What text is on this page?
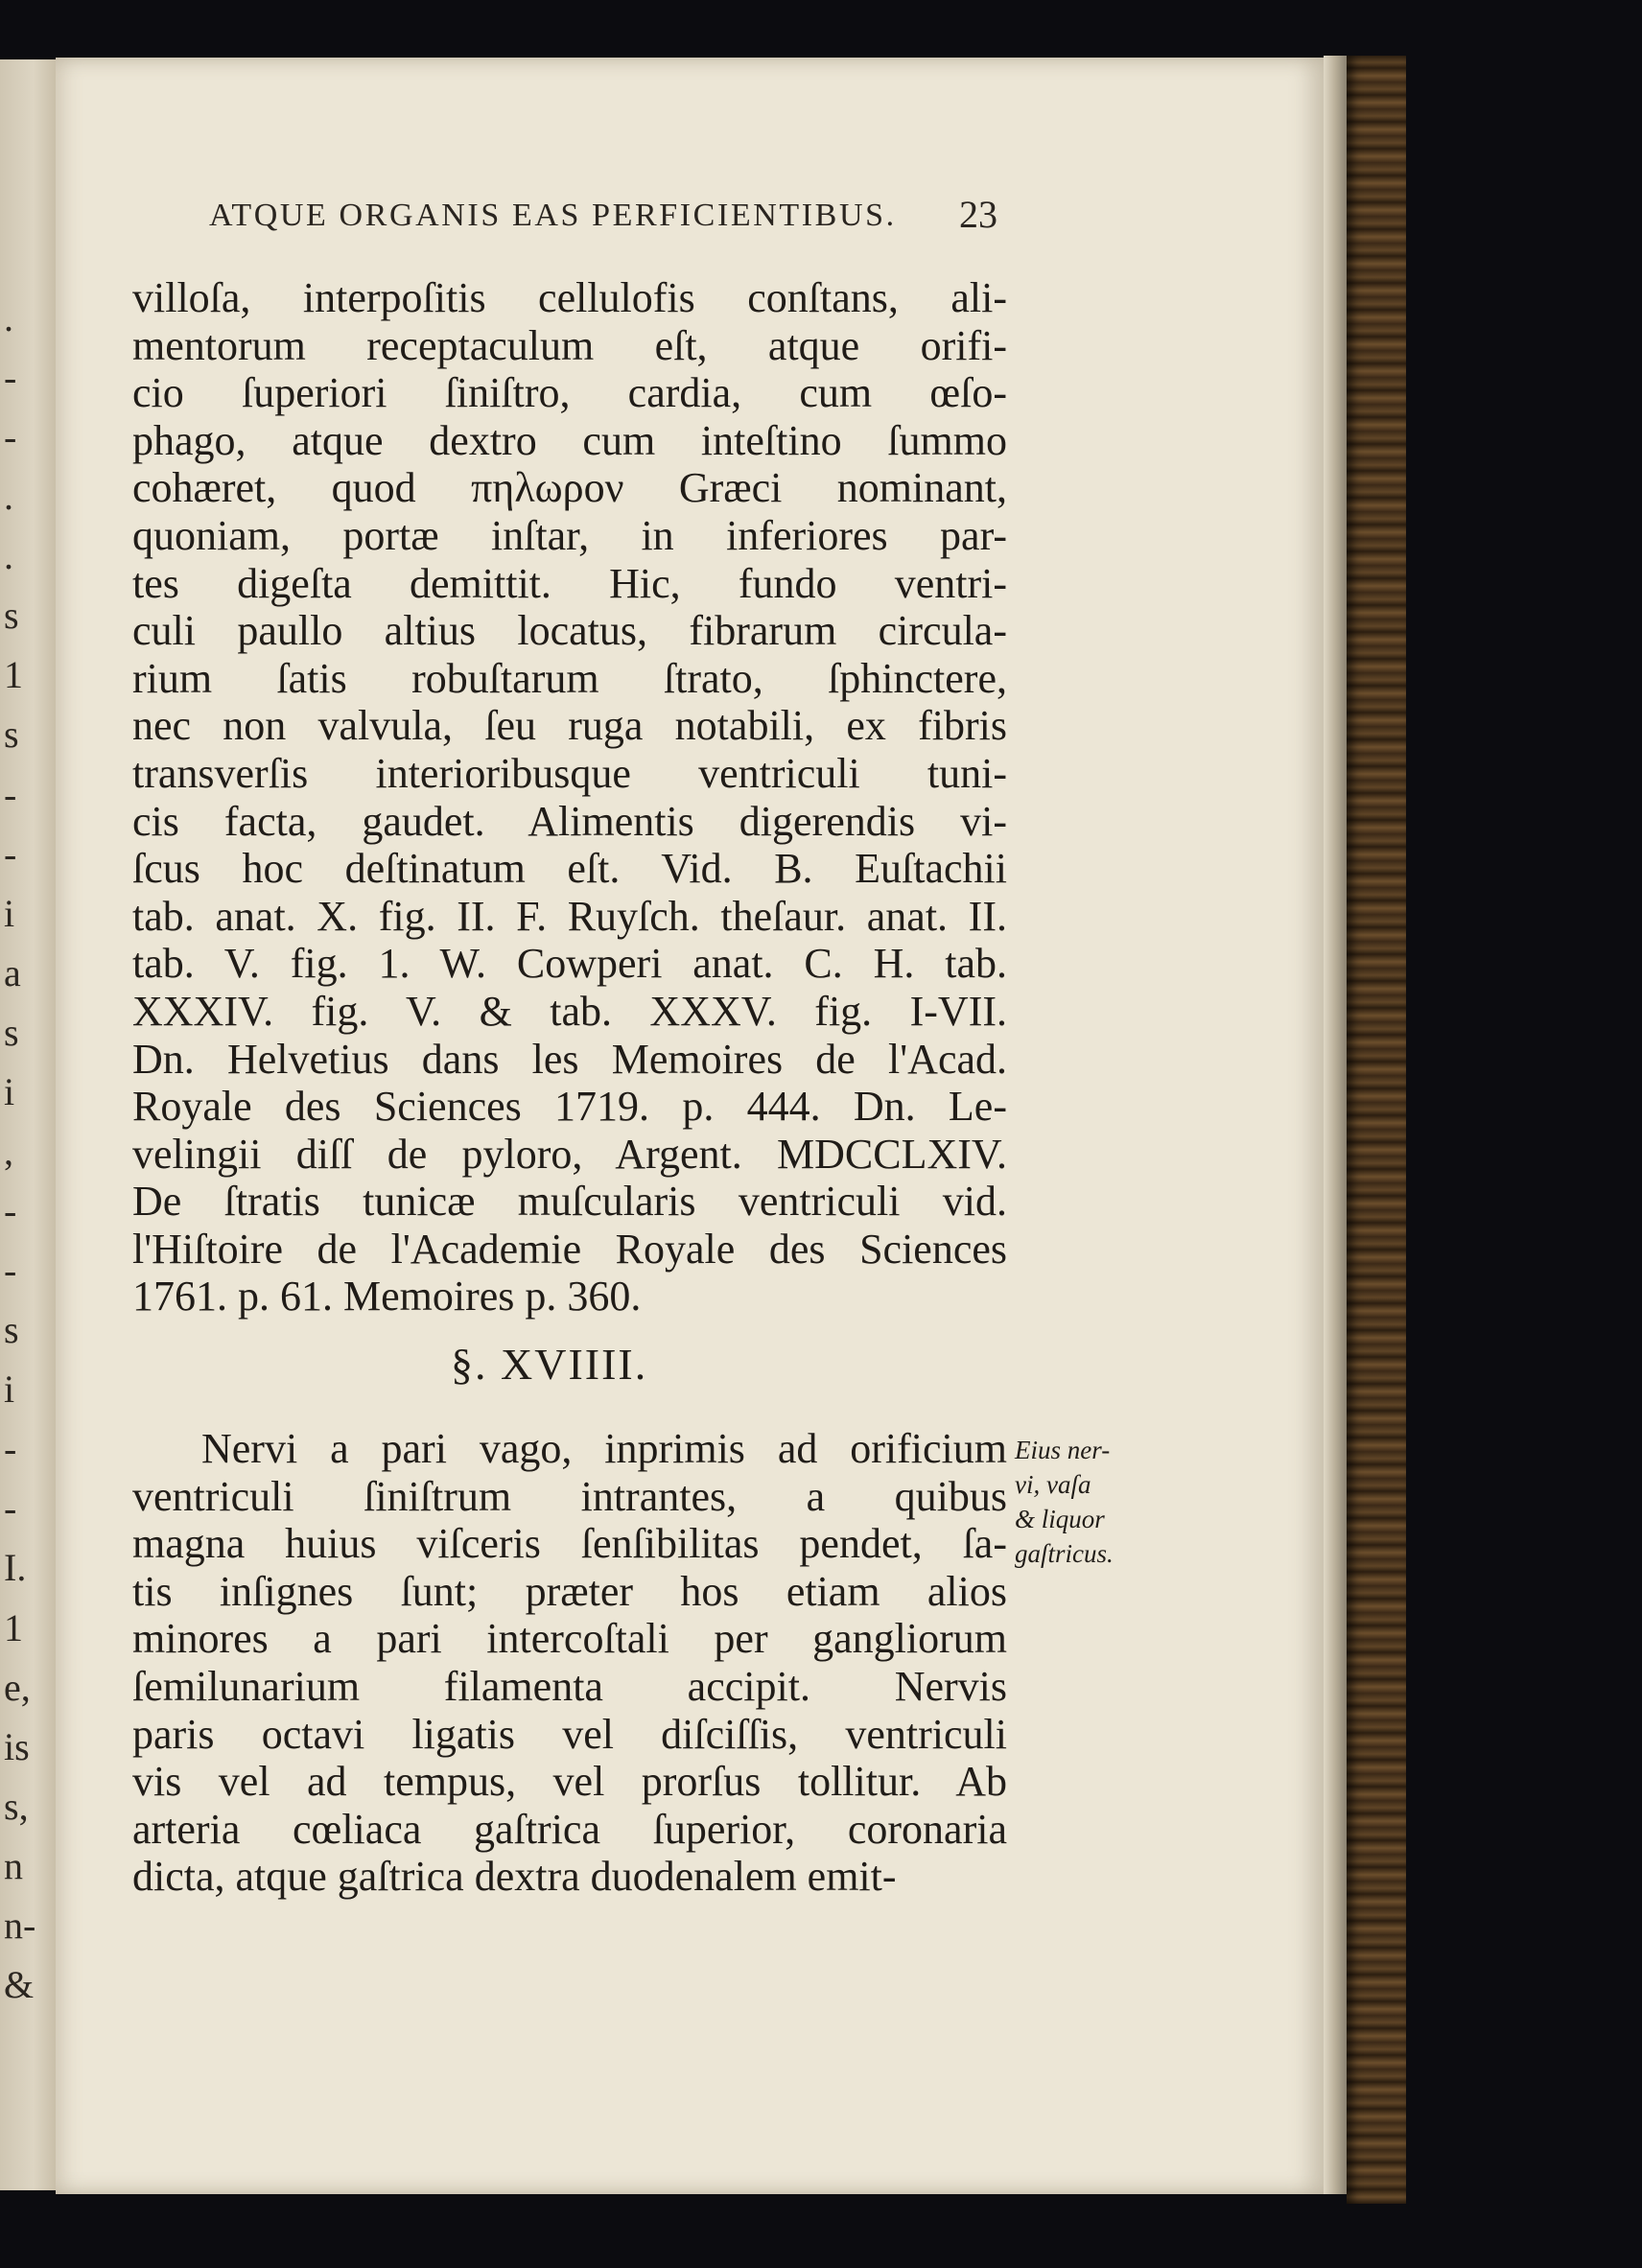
.
-
-
.
.
s
1
s
-
-
i
a
s
i
,
-
-
s
i
-
-
I.
1
e,
is
s,
n
n-
&
ATQUE ORGANIS EAS PERFICIENTIBUS.	23
villoſa, interpoſitis cellulofis conſtans, ali-
mentorum receptaculum eſt, atque orifi-
cio ſuperiori ſiniſtro, cardia, cum œſo-
phago, atque dextro cum inteſtino ſummo
cohæret, quod πηλωρον Græci nominant,
quoniam, portæ inſtar, in inferiores par-
tes digeſta demittit. Hic, fundo ventri-
culi paullo altius locatus, fibrarum circula-
rium ſatis robuſtarum ſtrato, ſphinctere,
nec non valvula, ſeu ruga notabili, ex fibris
transverſis interioribusque ventriculi tuni-
cis facta, gaudet. Alimentis digerendis vi-
ſcus hoc deſtinatum eſt. Vid. B. Euſtachii
tab. anat. X. fig. II. F. Ruyſch. theſaur. anat. II.
tab. V. fig. 1. W. Cowperi anat. C. H. tab.
XXXIV. fig. V. & tab. XXXV. fig. I-VII.
Dn. Helvetius dans les Memoires de l'Acad.
Royale des Sciences 1719. p. 444. Dn. Le-
velingii diſſ de pyloro, Argent. MDCCLXIV.
De ſtratis tunicæ muſcularis ventriculi vid.
l'Hiſtoire de l'Academie Royale des Sciences
1761. p. 61. Memoires p. 360.
§. XVIIII.
Nervi a pari vago, inprimis ad orificium
ventriculi ſiniſtrum intrantes, a quibus
magna huius viſceris ſenſibilitas pendet, ſa-
tis inſignes ſunt; præter hos etiam alios
minores a pari intercoſtali per gangliorum
ſemilunarium filamenta accipit. Nervis
paris octavi ligatis vel diſciſſis, ventriculi
vis vel ad tempus, vel prorſus tollitur. Ab
arteria cœliaca gaſtrica ſuperior, coronaria
dicta, atque gaſtrica dextra duodenalem emit-
Eius ner-
vi, vaſa
& liquor
gaſtricus.
